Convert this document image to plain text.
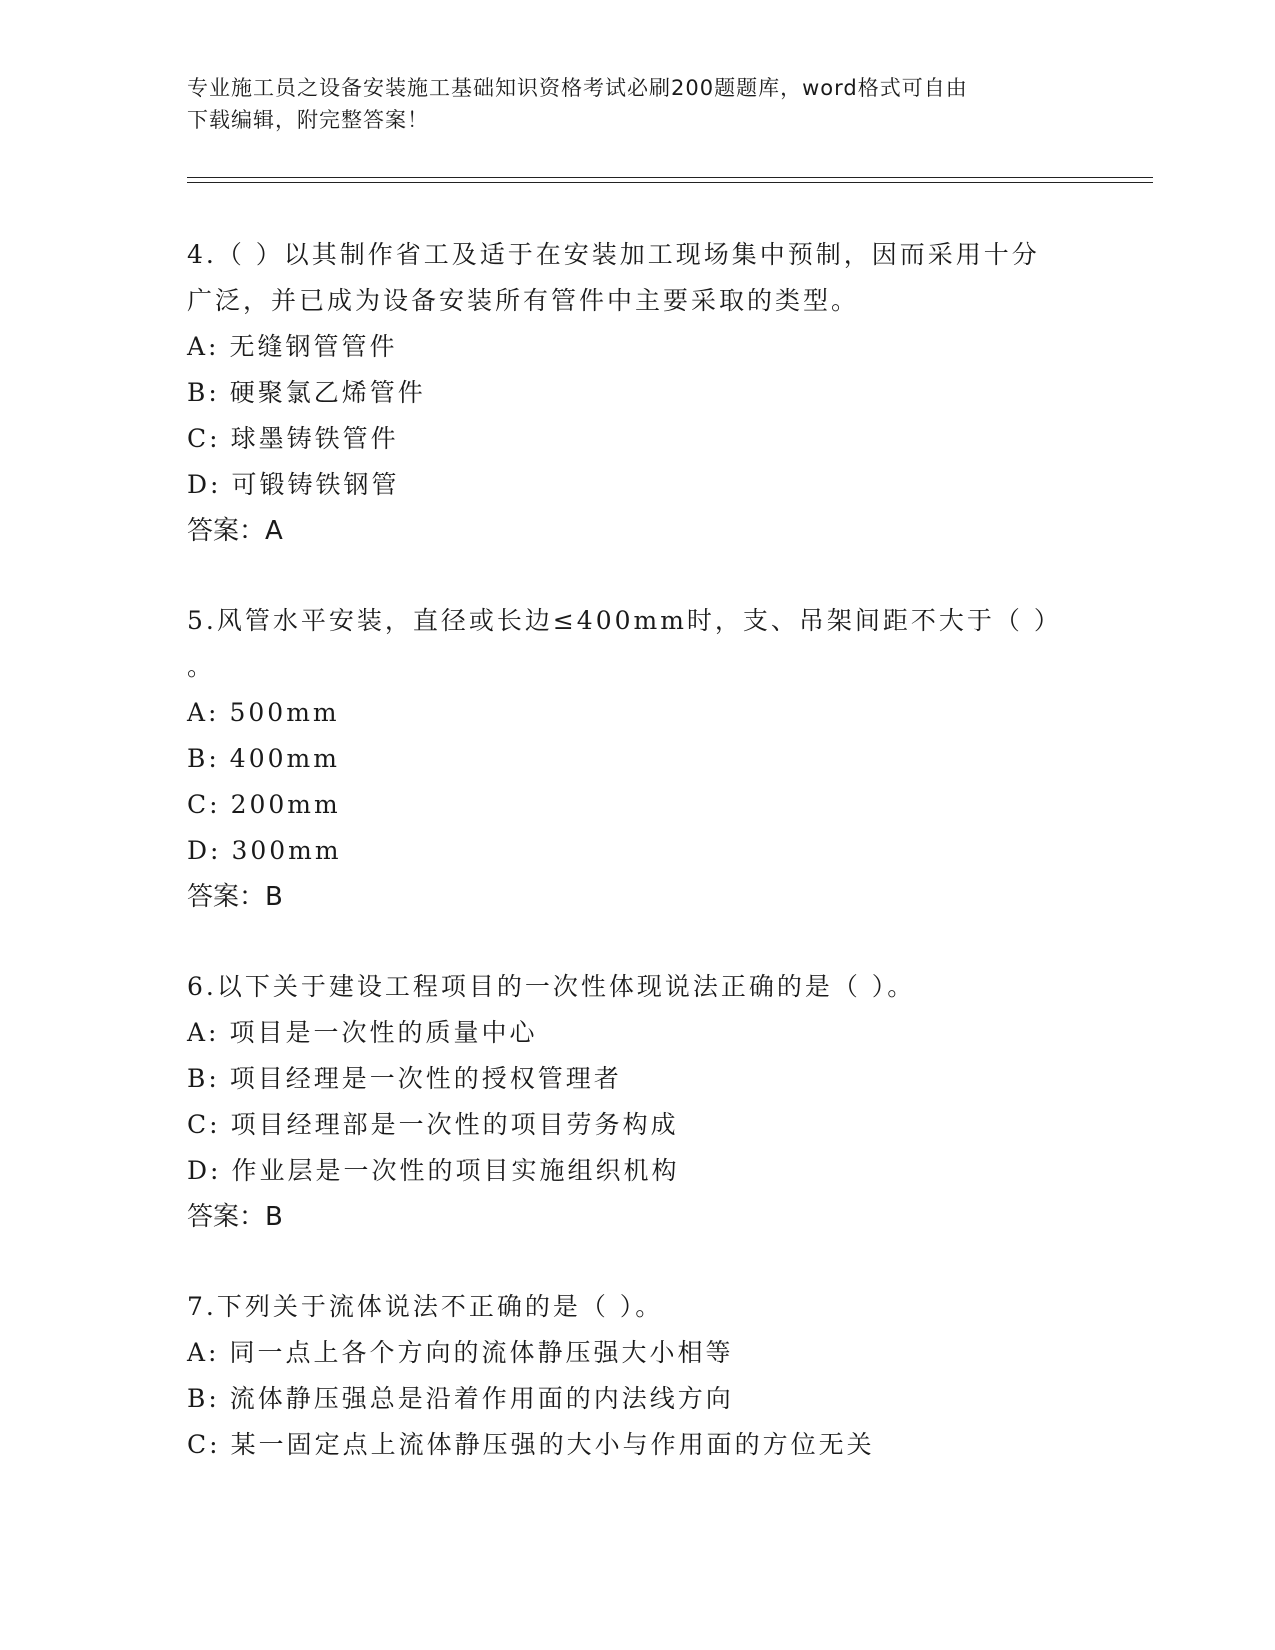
专业施工员之设备安装施工基础知识资格考试必刷200题题库，word格式可自由
下载编辑，附完整答案！
4.（ ）以其制作省工及适于在安装加工现场集中预制，因而采用十分
广泛，并已成为设备安装所有管件中主要采取的类型。
A: 无缝钢管管件
B: 硬聚氯乙烯管件
C: 球墨铸铁管件
D: 可锻铸铁钢管
答案：A
5.风管水平安装，直径或长边≤400mm时，支、吊架间距不大于（ ）
。
A: 500mm
B: 400mm
C: 200mm
D: 300mm
答案：B
6.以下关于建设工程项目的一次性体现说法正确的是（ ）。
A: 项目是一次性的质量中心
B: 项目经理是一次性的授权管理者
C: 项目经理部是一次性的项目劳务构成
D: 作业层是一次性的项目实施组织机构
答案：B
7.下列关于流体说法不正确的是（ ）。
A: 同一点上各个方向的流体静压强大小相等
B: 流体静压强总是沿着作用面的内法线方向
C: 某一固定点上流体静压强的大小与作用面的方位无关
